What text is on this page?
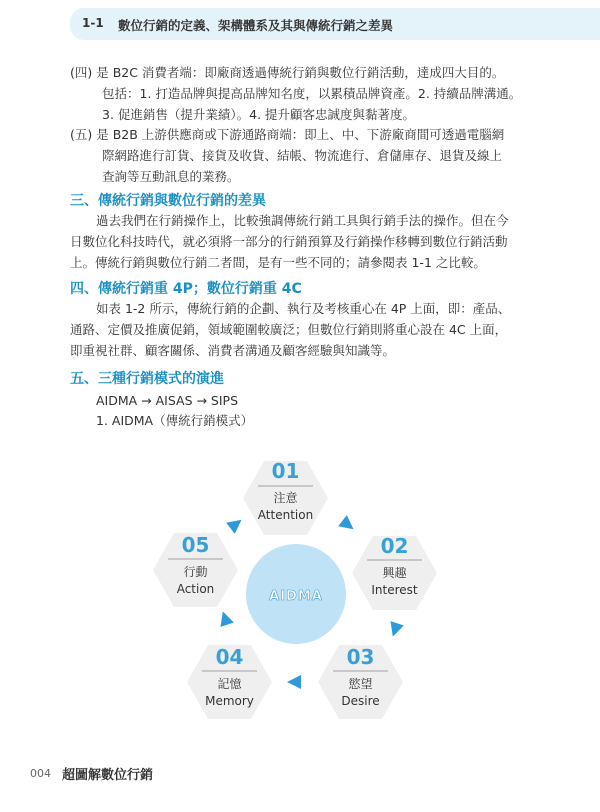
1-1 數位行銷的定義、架構體系及其與傳統行銷之差異
(四) 是 B2C 消費者端：即廠商透過傳統行銷與數位行銷活動，達成四大目的。
包括：1. 打造品牌與提高品牌知名度，以累積品牌資產。2. 持續品牌溝通。
3. 促進銷售（提升業績）。4. 提升顧客忠誠度與黏著度。
(五) 是 B2B 上游供應商或下游通路商端：即上、中、下游廠商間可透過電腦網
際網路進行訂貨、接貨及收貨、結帳、物流進行、倉儲庫存、退貨及線上
查詢等互動訊息的業務。
三、傳統行銷與數位行銷的差異
過去我們在行銷操作上，比較強調傳統行銷工具與行銷手法的操作。但在今
日數位化科技時代，就必須將一部分的行銷預算及行銷操作移轉到數位行銷活動
上。傳統行銷與數位行銷二者間，是有一些不同的；請參閱表 1-1 之比較。
四、傳統行銷重 4P；數位行銷重 4C
如表 1-2 所示，傳統行銷的企劃、執行及考核重心在 4P 上面，即：產品、
通路、定價及推廣促銷，領域範圍較廣泛；但數位行銷則將重心設在 4C 上面，
即重視社群、顧客關係、消費者溝通及顧客經驗與知識等。
五、三種行銷模式的演進
AIDMA → AISAS → SIPS
1. AIDMA（傳統行銷模式）
AIDMA
01
注意
Attention
02
興趣
Interest
03
慾望
Desire
04
記憶
Memory
05
行動
Action
004 超圖解數位行銷
